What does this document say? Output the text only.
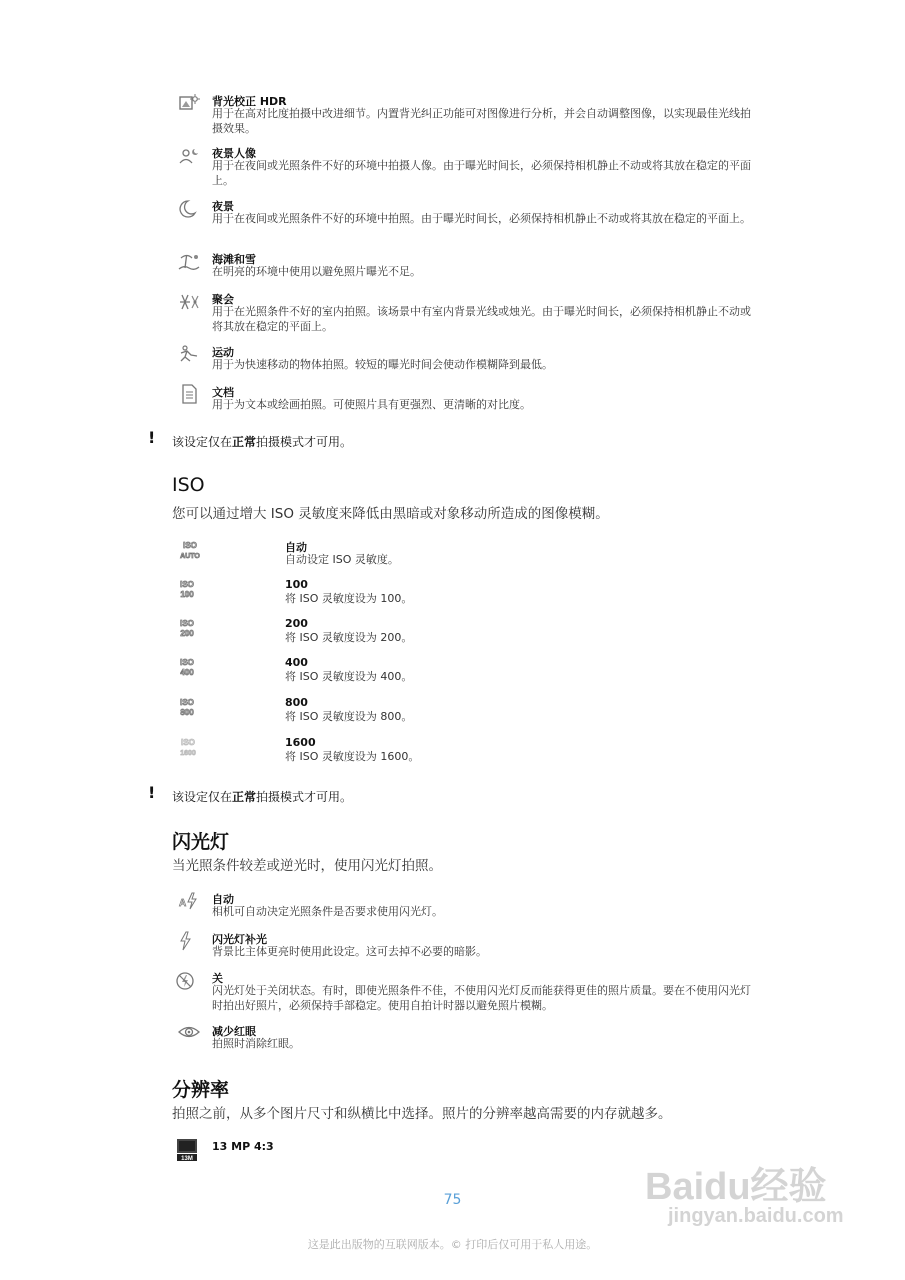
背光校正 HDR
用于在高对比度拍摄中改进细节。内置背光纠正功能可对图像进行分析，并会自动调整图像，以实现最佳光线拍摄效果。
夜景人像
用于在夜间或光照条件不好的环境中拍摄人像。由于曝光时间长，必须保持相机静止不动或将其放在稳定的平面上。
夜景
用于在夜间或光照条件不好的环境中拍照。由于曝光时间长，必须保持相机静止不动或将其放在稳定的平面上。
海滩和雪
在明亮的环境中使用以避免照片曝光不足。
聚会
用于在光照条件不好的室内拍照。该场景中有室内背景光线或烛光。由于曝光时间长，必须保持相机静止不动或将其放在稳定的平面上。
运动
用于为快速移动的物体拍照。较短的曝光时间会使动作模糊降到最低。
文档
用于为文本或绘画拍照。可使照片具有更强烈、更清晰的对比度。
! 该设定仅在正常拍摄模式才可用。
ISO
您可以通过增大 ISO 灵敏度来降低由黑暗或对象移动所造成的图像模糊。
ISO
AUTO
自动
自动设定 ISO 灵敏度。
ISO
100
100
将 ISO 灵敏度设为 100。
ISO
200
200
将 ISO 灵敏度设为 200。
ISO
400
400
将 ISO 灵敏度设为 400。
ISO
800
800
将 ISO 灵敏度设为 800。
ISO
1600
1600
将 ISO 灵敏度设为 1600。
! 该设定仅在正常拍摄模式才可用。
闪光灯
当光照条件较差或逆光时，使用闪光灯拍照。
A 自动
相机可自动决定光照条件是否要求使用闪光灯。
闪光灯补光
背景比主体更亮时使用此设定。这可去掉不必要的暗影。
关
闪光灯处于关闭状态。有时，即使光照条件不佳，不使用闪光灯反而能获得更佳的照片质量。要在不使用闪光灯时拍出好照片，必须保持手部稳定。使用自拍计时器以避免照片模糊。
减少红眼
拍照时消除红眼。
分辨率
拍照之前，从多个图片尺寸和纵横比中选择。照片的分辨率越高需要的内存就越多。
13M
13 MP 4:3
75
这是此出版物的互联网版本。© 打印后仅可用于私人用途。
Baidu经验
jingyan.baidu.com
